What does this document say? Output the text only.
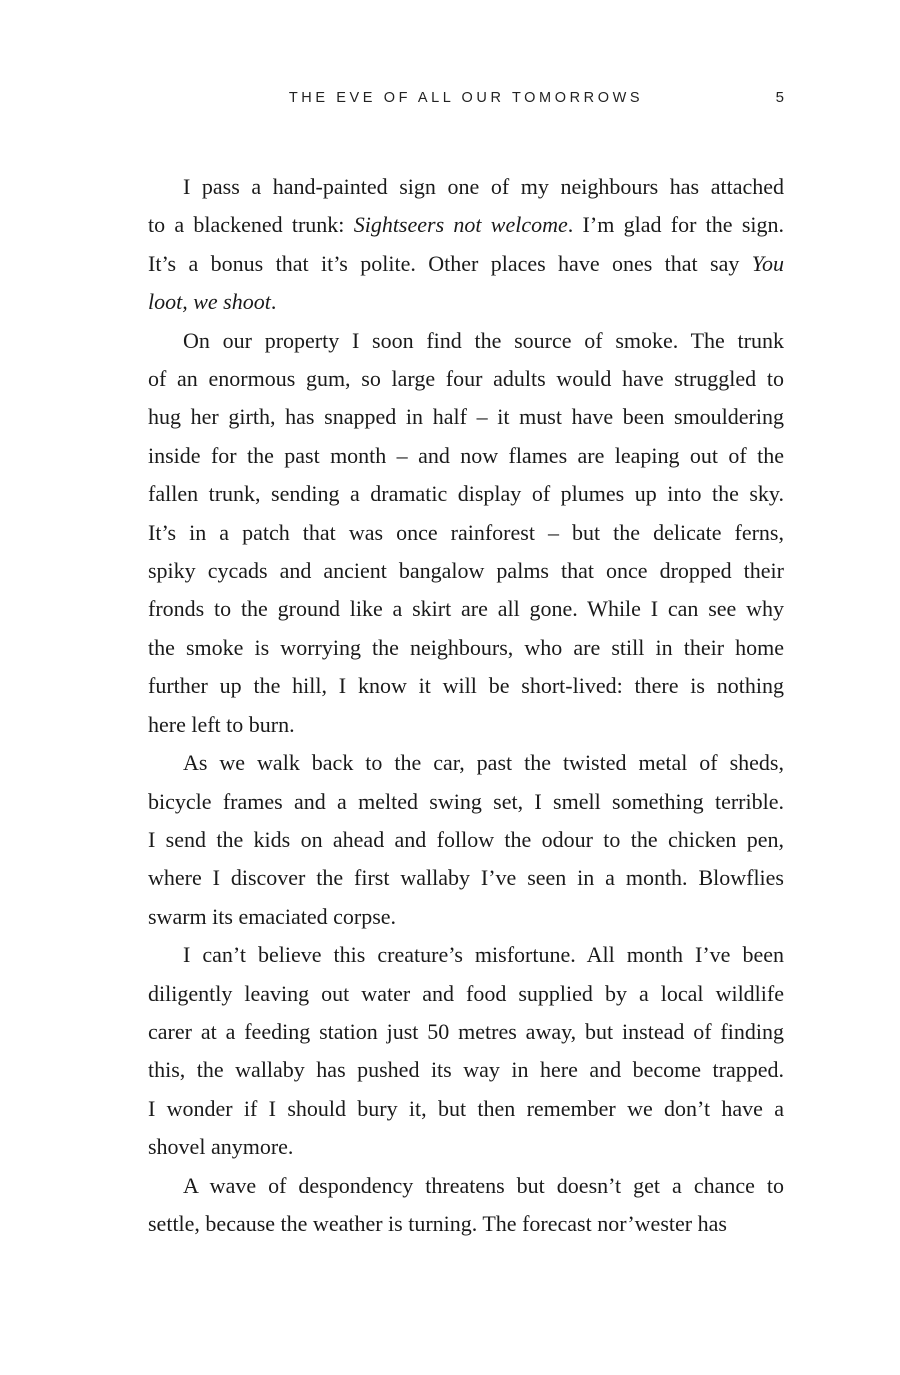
THE EVE OF ALL OUR TOMORROWS	5
I pass a hand-painted sign one of my neighbours has attached
to a blackened trunk: Sightseers not welcome. I’m glad for the sign.
It’s a bonus that it’s polite. Other places have ones that say You
loot, we shoot.
On our property I soon find the source of smoke. The trunk
of an enormous gum, so large four adults would have struggled to
hug her girth, has snapped in half – it must have been smouldering
inside for the past month – and now flames are leaping out of the
fallen trunk, sending a dramatic display of plumes up into the sky.
It’s in a patch that was once rainforest – but the delicate ferns,
spiky cycads and ancient bangalow palms that once dropped their
fronds to the ground like a skirt are all gone. While I can see why
the smoke is worrying the neighbours, who are still in their home
further up the hill, I know it will be short-lived: there is nothing
here left to burn.
As we walk back to the car, past the twisted metal of sheds,
bicycle frames and a melted swing set, I smell something terrible.
I send the kids on ahead and follow the odour to the chicken pen,
where I discover the first wallaby I’ve seen in a month. Blowflies
swarm its emaciated corpse.
I can’t believe this creature’s misfortune. All month I’ve been
diligently leaving out water and food supplied by a local wildlife
carer at a feeding station just 50 metres away, but instead of finding
this, the wallaby has pushed its way in here and become trapped.
I wonder if I should bury it, but then remember we don’t have a
shovel anymore.
A wave of despondency threatens but doesn’t get a chance to
settle, because the weather is turning. The forecast nor’wester has
